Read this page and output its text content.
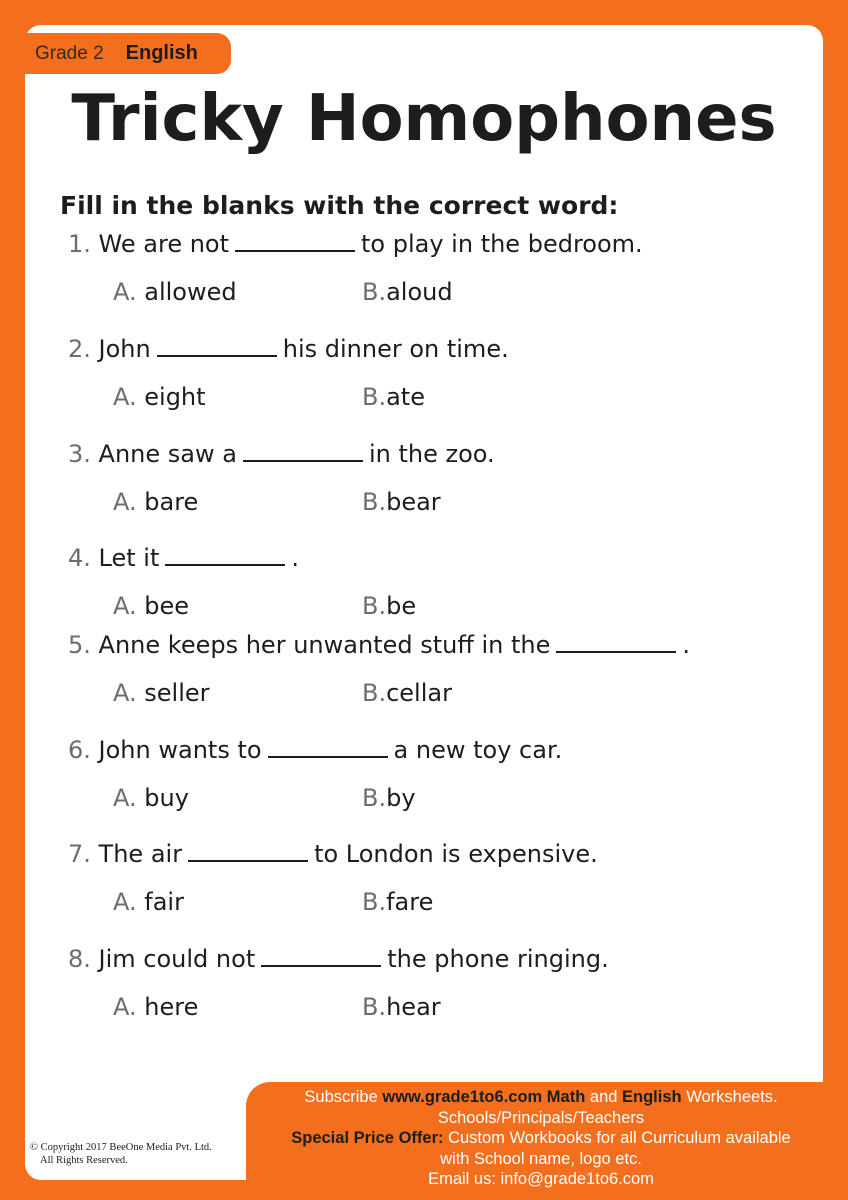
Grade 2 English
Tricky Homophones
Fill in the blanks with the correct word:
1. We are not	to play in the bedroom.
A. allowed	B.aloud
2. John	his dinner on time.
A. eight	B.ate
3. Anne saw a	in the zoo.
A. bare	B.bear
4. Let it	.
A. bee	B.be
5. Anne keeps her unwanted stuff in the	.
A. seller	B.cellar
6. John wants to	a new toy car.
A. buy	B.by
7. The air	to London is expensive.
A. fair	B.fare
8. Jim could not	the phone ringing.
A. here	B.hear
Subscribe www.grade1to6.com Math and English Worksheets.
Schools/Principals/Teachers
Special Price Offer: Custom Workbooks for all Curriculum available
with School name, logo etc.
Email us: info@grade1to6.com
© Copyright 2017 BeeOne Media Pvt. Ltd.
All Rights Reserved.
